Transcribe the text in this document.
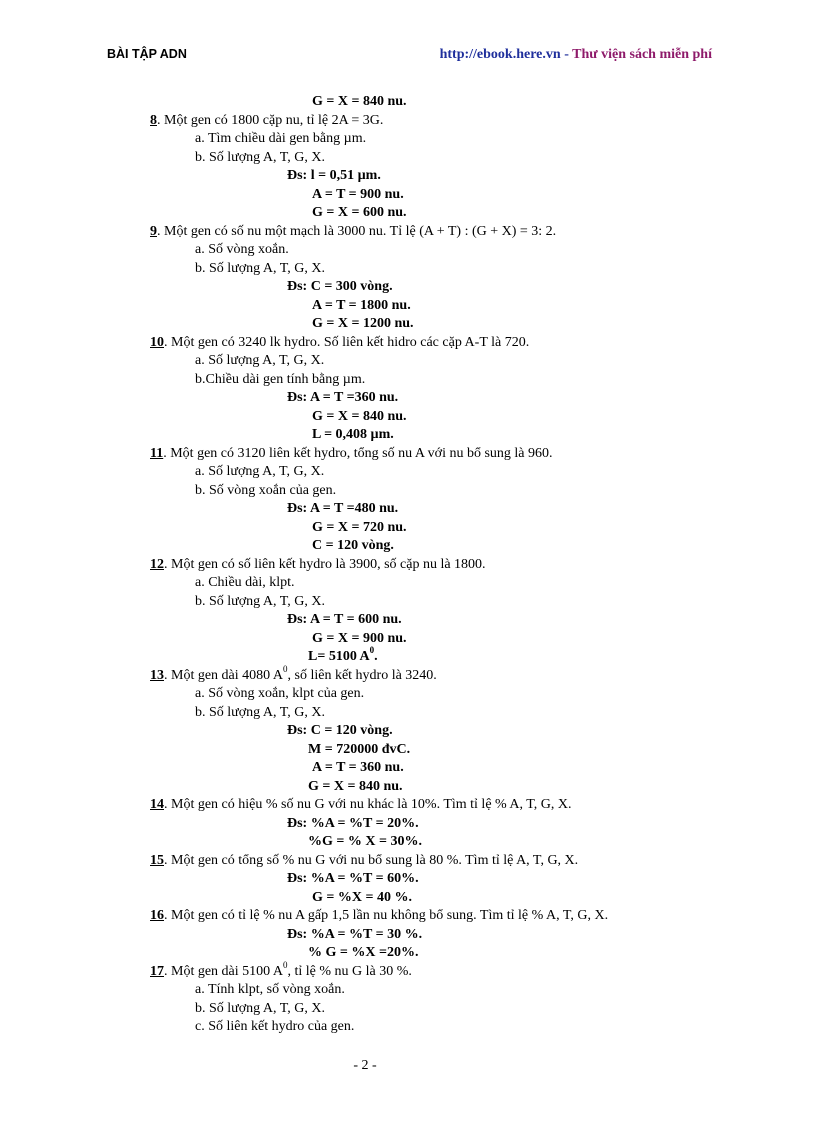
BÀI TẬP ADN	http://ebook.here.vn - Thư viện sách miễn phí
G = X = 840 nu.
8. Một gen có 1800 cặp nu, tỉ lệ 2A = 3G.
a. Tìm chiều dài gen bằng µm.
b. Số lượng A, T, G, X.
Đs: l = 0,51 µm.
A = T = 900 nu.
G = X = 600 nu.
9. Một gen có số nu một mạch là 3000 nu. Tỉ lệ (A + T) : (G + X) = 3: 2.
a. Số vòng xoắn.
b. Số lượng A, T, G, X.
Đs: C = 300 vòng.
A = T = 1800 nu.
G = X = 1200 nu.
10. Một gen có 3240 lk hydro. Số liên kết hidro các cặp A-T là 720.
a. Số lượng A, T, G, X.
b.Chiều dài gen tính bằng µm.
Đs: A = T =360 nu.
G = X = 840 nu.
L = 0,408 µm.
11. Một gen có 3120 liên kết hydro, tổng số nu A với nu bổ sung là 960.
a. Số lượng A, T, G, X.
b. Số vòng xoắn của gen.
Đs: A = T =480 nu.
G = X = 720 nu.
C = 120 vòng.
12. Một gen có số liên kết hydro là 3900, số cặp nu là 1800.
a. Chiều dài, klpt.
b. Số lượng A, T, G, X.
Đs: A = T = 600 nu.
G = X = 900 nu.
L= 5100 $A^0$.
13. Một gen dài 4080 $A^0$, số liên kết hydro là 3240.
a. Số vòng xoắn, klpt của gen.
b. Số lượng A, T, G, X.
Đs: C = 120 vòng.
M = 720000 đvC.
A = T = 360 nu.
G = X = 840 nu.
14. Một gen có hiệu % số nu G với nu khác là 10%. Tìm tỉ lệ % A, T, G, X.
Đs: %A = %T = 20%.
%G = % X = 30%.
15. Một gen có tổng số % nu G với nu bổ sung là 80 %. Tìm tỉ lệ A, T, G, X.
Đs: %A = %T = 60%.
G = %X = 40 %.
16. Một gen có tỉ lệ % nu A gấp 1,5 lần nu không bổ sung. Tìm tỉ lệ % A, T, G, X.
Đs: %A = %T = 30 %.
% G = %X =20%.
17. Một gen dài 5100 $A^0$, tỉ lệ % nu G là 30 %.
a. Tính klpt, số vòng xoắn.
b. Số lượng A, T, G, X.
c. Số liên kết hydro của gen.
- 2 -
